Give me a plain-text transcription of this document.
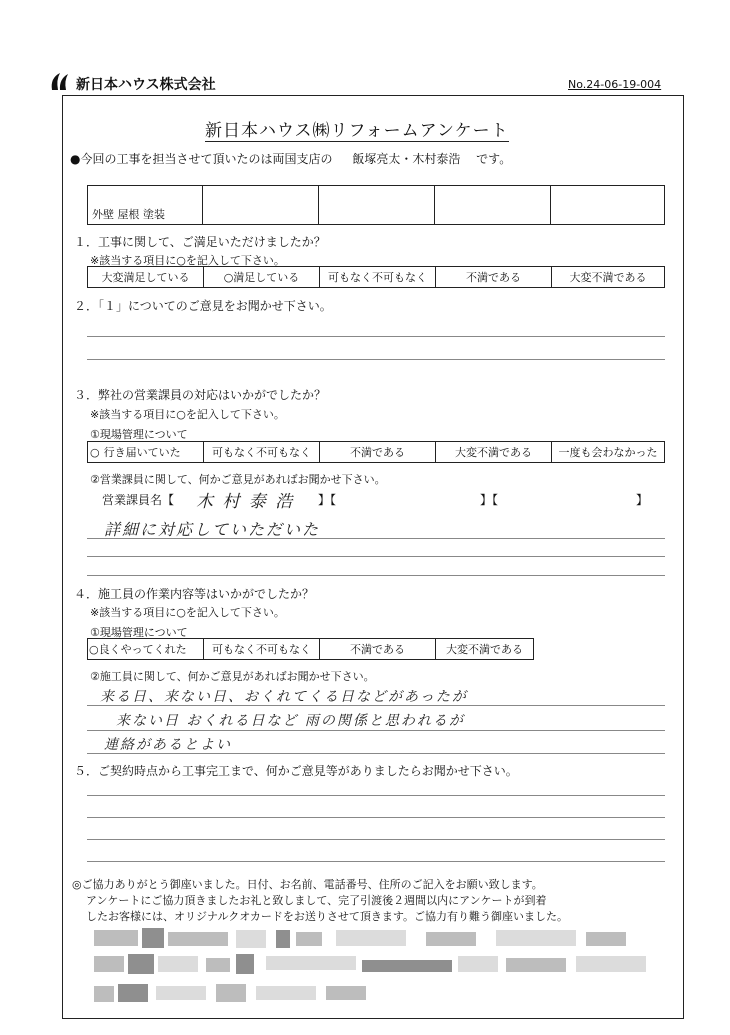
新日本ハウス株式会社	No.24-06-19-004
新日本ハウス㈱リフォームアンケート
●今回の工事を担当させて頂いたのは両国支店の 飯塚亮太・木村泰浩 です。
外壁 屋根 塗装
１．工事に関して、ご満足いただけましたか？
※該当する項目に○を記入して下さい。
大変満足している	○ 満足している	可もなく不可もなく	不満である	大変不満である
２．「１」についてのご意見をお聞かせ下さい。
３．弊社の営業課員の対応はいかがでしたか？
※該当する項目に○を記入して下さい。
①現場管理について
○ 行き届いていた	可もなく不可もなく	不満である	大変不満である	一度も会わなかった
②営業課員に関して、何かご意見があればお聞かせ下さい。
営業課員名【 木 村 泰 浩 】【	】【	】
詳細に対応していただいた
４．施工員の作業内容等はいかがでしたか？
※該当する項目に○を記入して下さい。
①現場管理について
○ 良くやってくれた	可もなく不可もなく	不満である	大変不満である
②施工員に関して、何かご意見があればお聞かせ下さい。
来る日、来ない日、おくれてくる日などがあったが
来ない日 おくれる日など 雨の関係と思われるが
連絡があるとよい
５．ご契約時点から工事完工まで、何かご意見等がありましたらお聞かせ下さい。
◎ご協力ありがとう御座いました。日付、お名前、電話番号、住所のご記入をお願い致します。
アンケートにご協力頂きましたお礼と致しまして、完了引渡後２週間以内にアンケートが到着
したお客様には、オリジナルクオカードをお送りさせて頂きます。ご協力有り難う御座いました。
